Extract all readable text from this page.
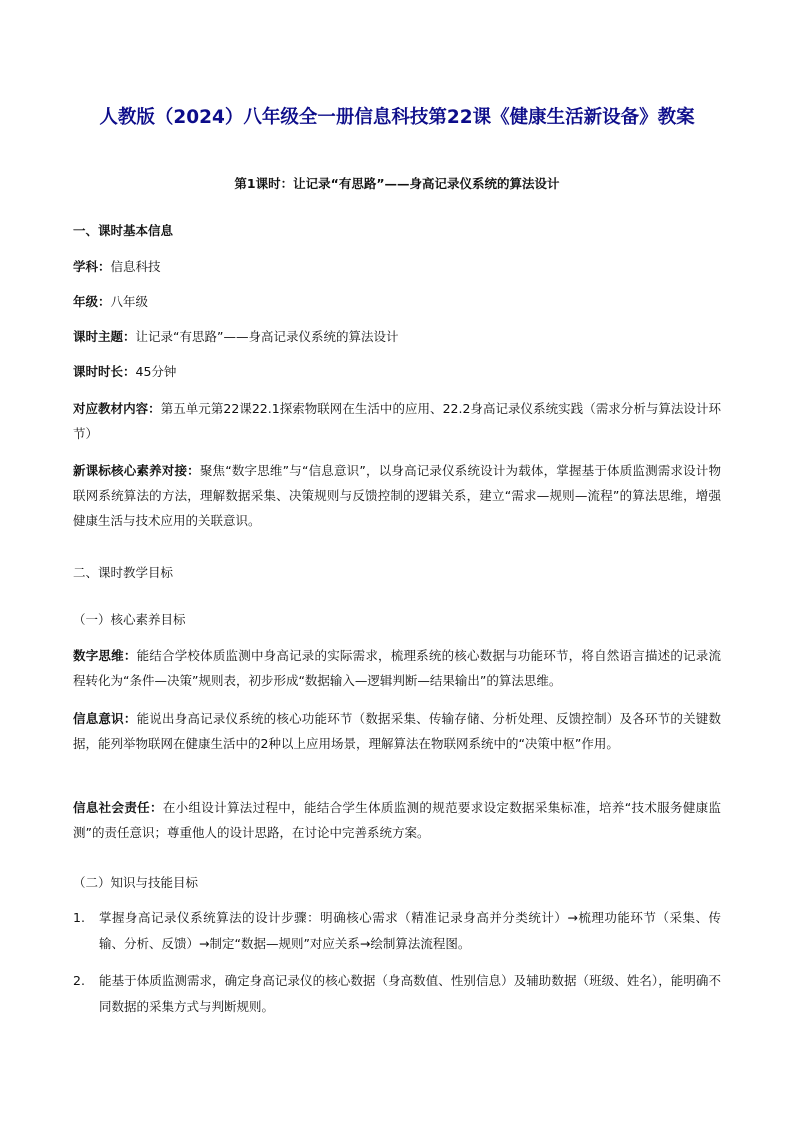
人教版（2024）八年级全一册信息科技第22课《健康生活新设备》教案
第1课时：让记录“有思路”——身高记录仪系统的算法设计
一、课时基本信息
学科：信息科技
年级：八年级
课时主题：让记录“有思路”——身高记录仪系统的算法设计
课时时长：45分钟
对应教材内容：第五单元第22课22.1探索物联网在生活中的应用、22.2身高记录仪系统实践（需求分析与算法设计环节）
新课标核心素养对接：聚焦“数字思维”与“信息意识”，以身高记录仪系统设计为载体，掌握基于体质监测需求设计物联网系统算法的方法，理解数据采集、决策规则与反馈控制的逻辑关系，建立“需求—规则—流程”的算法思维，增强健康生活与技术应用的关联意识。
二、课时教学目标
（一）核心素养目标
数字思维：能结合学校体质监测中身高记录的实际需求，梳理系统的核心数据与功能环节，将自然语言描述的记录流程转化为“条件—决策”规则表，初步形成“数据输入—逻辑判断—结果输出”的算法思维。
信息意识：能说出身高记录仪系统的核心功能环节（数据采集、传输存储、分析处理、反馈控制）及各环节的关键数据，能列举物联网在健康生活中的2种以上应用场景，理解算法在物联网系统中的“决策中枢”作用。
信息社会责任：在小组设计算法过程中，能结合学生体质监测的规范要求设定数据采集标准，培养“技术服务健康监测”的责任意识；尊重他人的设计思路，在讨论中完善系统方案。
（二）知识与技能目标
1.	掌握身高记录仪系统算法的设计步骤：明确核心需求（精准记录身高并分类统计）→梳理功能环节（采集、传输、分析、反馈）→制定“数据—规则”对应关系→绘制算法流程图。
2.	能基于体质监测需求，确定身高记录仪的核心数据（身高数值、性别信息）及辅助数据（班级、姓名），能明确不同数据的采集方式与判断规则。
